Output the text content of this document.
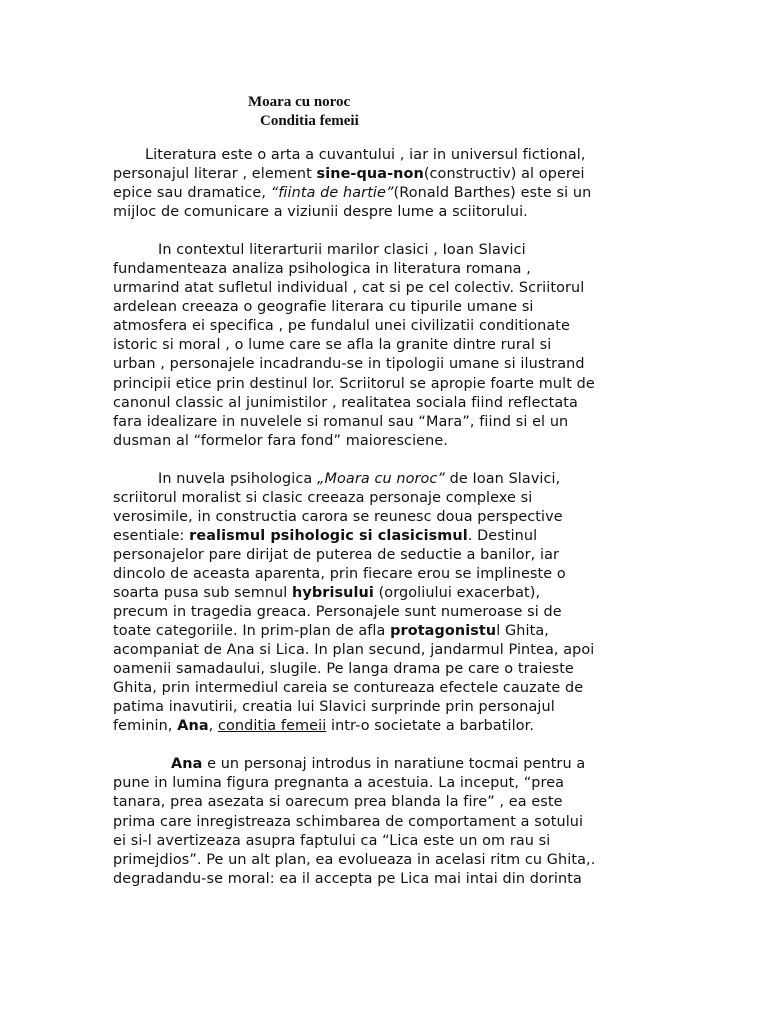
Moara cu noroc
Conditia femeii

Literatura este o arta a cuvantului , iar in universul fictional,
personajul literar , element sine-qua-non(constructiv) al operei
epice sau dramatice, “fiinta de hartie”(Ronald Barthes) este si un
mijloc de comunicare a viziunii despre lume a sciitorului.

In contextul literarturii marilor clasici , Ioan Slavici
fundamenteaza analiza psihologica in literatura romana ,
urmarind atat sufletul individual , cat si pe cel colectiv. Scriitorul
ardelean creeaza o geografie literara cu tipurile umane si
atmosfera ei specifica , pe fundalul unei civilizatii conditionate
istoric si moral , o lume care se afla la granite dintre rural si
urban , personajele incadrandu-se in tipologii umane si ilustrand
principii etice prin destinul lor. Scriitorul se apropie foarte mult de
canonul classic al junimistilor , realitatea sociala fiind reflectata
fara idealizare in nuvelele si romanul sau “Mara”, fiind si el un
dusman al “formelor fara fond” maioresciene.

In nuvela psihologica „Moara cu noroc” de Ioan Slavici,
scriitorul moralist si clasic creeaza personaje complexe si
verosimile, in constructia carora se reunesc doua perspective
esentiale: realismul psihologic si clasicismul. Destinul
personajelor pare dirijat de puterea de seductie a banilor, iar
dincolo de aceasta aparenta, prin fiecare erou se implineste o
soarta pusa sub semnul hybrisului (orgoliului exacerbat),
precum in tragedia greaca. Personajele sunt numeroase si de
toate categoriile. In prim-plan de afla protagonistul Ghita,
acompaniat de Ana si Lica. In plan secund, jandarmul Pintea, apoi
oamenii samadaului, slugile. Pe langa drama pe care o traieste
Ghita, prin intermediul careia se contureaza efectele cauzate de
patima inavutirii, creatia lui Slavici surprinde prin personajul
feminin, Ana, conditia femeii intr-o societate a barbatilor.

Ana e un personaj introdus in naratiune tocmai pentru a
pune in lumina figura pregnanta a acestuia. La inceput, “prea
tanara, prea asezata si oarecum prea blanda la fire” , ea este
prima care inregistreaza schimbarea de comportament a sotului
ei si-l avertizeaza asupra faptului ca “Lica este un om rau si
primejdios”. Pe un alt plan, ea evolueaza in acelasi ritm cu Ghita,.
degradandu-se moral: ea il accepta pe Lica mai intai din dorinta
